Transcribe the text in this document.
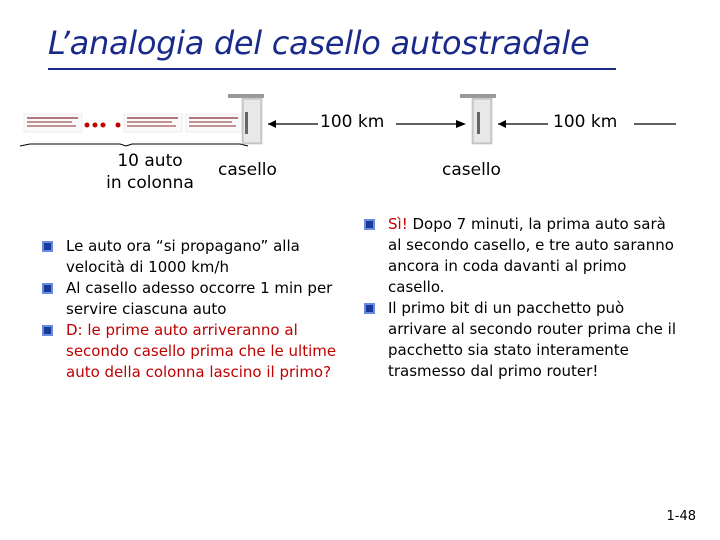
L’analogia del casello autostradale
100 km	100 km
10 auto
in colonna
casello	casello
Le auto ora “si propagano” alla velocità di 1000 km/h
Al casello adesso occorre 1 min per servire ciascuna auto
D: le prime auto arriveranno al secondo casello prima che le ultime auto della colonna lascino il primo?
Sì! Dopo 7 minuti, la prima auto sarà al secondo casello, e tre auto saranno ancora in coda davanti al primo casello.
Il primo bit di un pacchetto può arrivare al secondo router prima che il pacchetto sia stato interamente trasmesso dal primo router!
1-48
